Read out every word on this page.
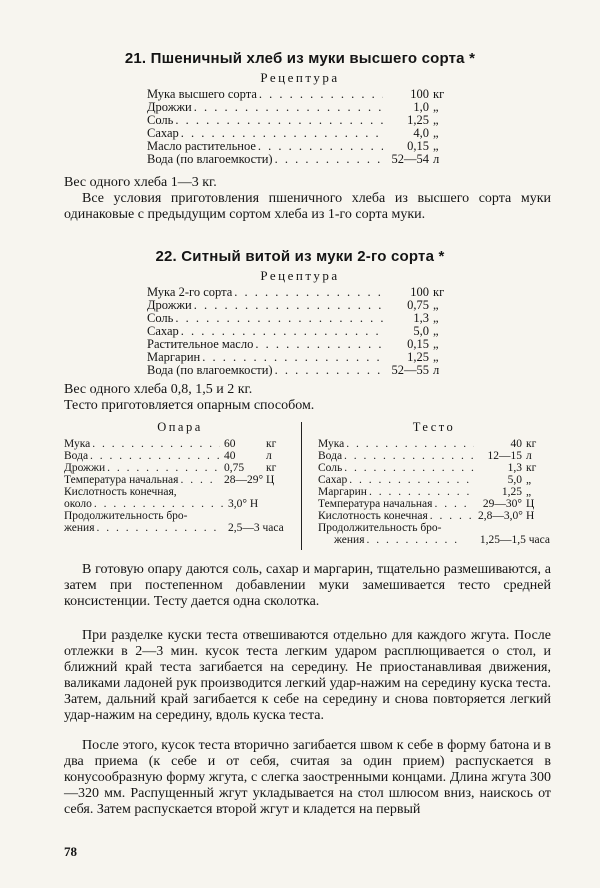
21. Пшеничный хлеб из муки высшего сорта *
Рецептура
Мука высшего сорта . . .	100 кг
Дрожжи . . .	1,0 „
Соль . . .	1,25 „
Сахар . . .	4,0 „
Масло растительное . . .	0,15 „
Вода (по влагоемкости) . . .	52—54 л

Вес одного хлеба 1—3 кг.

Все условия приготовления пшеничного хлеба из высшего сорта муки одинаковые с предыдущим сортом хлеба из 1-го сорта муки.

22. Ситный витой из муки 2-го сорта *
Рецептура
Мука 2-го сорта . . .	100 кг
Дрожжи . . .	0,75 „
Соль . . .	1,3 „
Сахар . . .	5,0 „
Растительное масло . . .	0,15 „
Маргарин . . .	1,25 „
Вода (по влагоемкости) . . .	52—55 л

Вес одного хлеба 0,8, 1,5 и 2 кг.

Тесто приготовляется опарным способом.

Опара
Мука . . .	60	кг
Вода . . .	40	л
Дрожжи . . .	0,75	кг
Температура начальная . . .	28—29° Ц
Кислотность конечная,
около . . .	3,0° Н
Продолжительность бро-
жения . . .	2,5—3 часа
Тесто
Мука . . .	40 кг
Вода . . .	12—15 л
Соль . . .	1,3 кг
Сахар . . .	5,0 „
Маргарин . . .	1,25 „
Температура начальная . . .	29—30° Ц
Кислотность конечная . . .	2,8—3,0° Н
Продолжительность бро-
жения . . .	1,25—1,5 часа

В готовую опару даются соль, сахар и маргарин, тщательно размешиваются, а затем при постепенном добавлении муки замешивается тесто средней консистенции. Тесту дается одна сколотка.

При разделке куски теста отвешиваются отдельно для каждого жгута. После отлежки в 2—3 мин. кусок теста легким ударом расплющивается о стол, и ближний край теста загибается на середину. Не приостанавливая движения, валиками ладоней рук производится легкий удар-нажим на середину куска теста. Затем, дальний край загибается к себе на середину и снова повторяется легкий удар-нажим на середину, вдоль куска теста.

После этого, кусок теста вторично загибается швом к себе в форму батона и в два приема (к себе и от себя, считая за один прием) распускается в конусообразную форму жгута, с слегка заостренными концами. Длина жгута 300—320 мм. Распущенный жгут укладывается на стол шлюсом вниз, наискось от себя. Затем распускается второй жгут и кладется на первый

78
